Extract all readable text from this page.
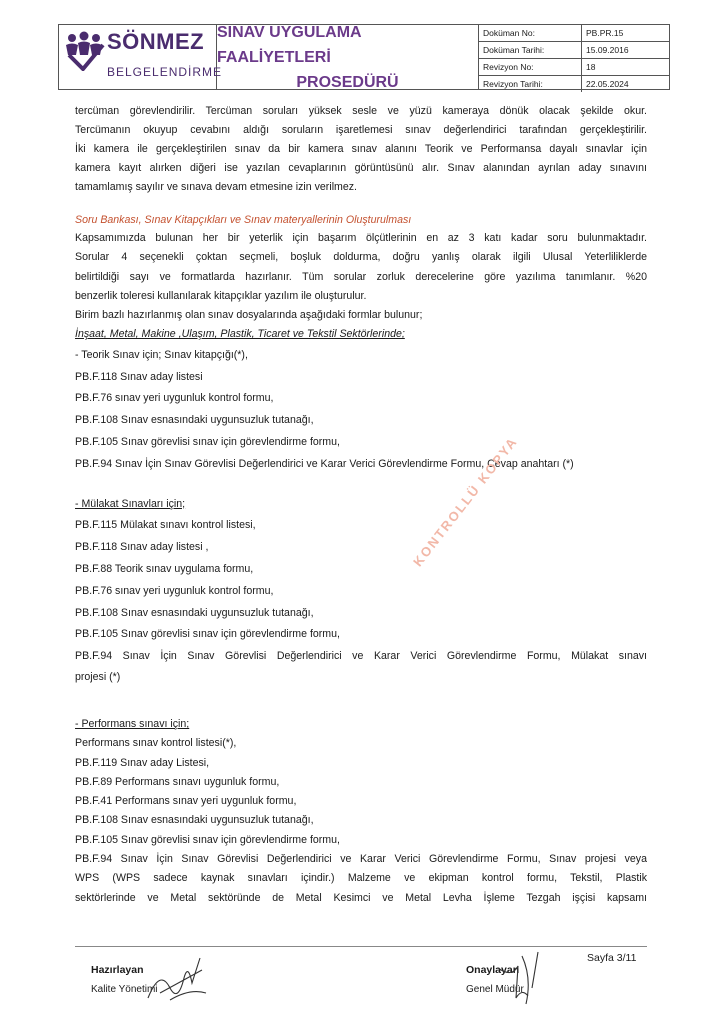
SÖNMEZ
BELGELENDİRME
SINAV UYGULAMA FAALİYETLERİ
PROSEDÜRÜ
Doküman No:	PB.PR.15
Doküman Tarihi:	15.09.2016
Revizyon No:	18
Revizyon Tarihi:	22.05.2024
tercüman görevlendirilir. Tercüman soruları yüksek sesle ve yüzü kameraya dönük olacak şekilde okur.
Tercümanın okuyup cevabını aldığı soruların işaretlemesi sınav değerlendirici tarafından gerçekleştirilir.
İki kamera ile gerçekleştirilen sınav da bir kamera sınav alanını Teorik ve Performansa dayalı sınavlar için
kamera kayıt alırken diğeri ise yazılan cevaplarının görüntüsünü alır. Sınav alanından ayrılan aday sınavını
tamamlamış sayılır ve sınava devam etmesine izin verilmez.
Soru Bankası, Sınav Kitapçıkları ve Sınav materyallerinin Oluşturulması
Kapsamımızda bulunan her bir yeterlik için başarım ölçütlerinin en az 3 katı kadar soru bulunmaktadır.
Sorular 4 seçenekli çoktan seçmeli, boşluk doldurma, doğru yanlış olarak ilgili Ulusal Yeterliliklerde
belirtildiği sayı ve formatlarda hazırlanır. Tüm sorular zorluk derecelerine göre yazılıma tanımlanır. %20
benzerlik toleresi kullanılarak kitapçıklar yazılım ile oluşturulur.
Birim bazlı hazırlanmış olan sınav dosyalarında aşağıdaki formlar bulunur;
İnşaat, Metal, Makine ,Ulaşım, Plastik, Ticaret ve Tekstil Sektörlerinde;
- Teorik Sınav için; Sınav kitapçığı(*),
PB.F.118 Sınav aday listesi
PB.F.76 sınav yeri uygunluk kontrol formu,
PB.F.108 Sınav esnasındaki uygunsuzluk tutanağı,
PB.F.105 Sınav görevlisi sınav için görevlendirme formu,
PB.F.94 Sınav İçin Sınav Görevlisi Değerlendirici ve Karar Verici Görevlendirme Formu, Cevap anahtarı (*)
- Mülakat Sınavları için;
PB.F.115 Mülakat sınavı kontrol listesi,
PB.F.118 Sınav aday listesi ,
PB.F.88 Teorik sınav uygulama formu,
PB.F.76 sınav yeri uygunluk kontrol formu,
PB.F.108 Sınav esnasındaki uygunsuzluk tutanağı,
PB.F.105 Sınav görevlisi sınav için görevlendirme formu,
PB.F.94 Sınav İçin Sınav Görevlisi Değerlendirici ve Karar Verici Görevlendirme Formu, Mülakat sınavı
projesi (*)
- Performans sınavı için;
Performans sınav kontrol listesi(*),
PB.F.119 Sınav aday Listesi,
PB.F.89 Performans sınavı uygunluk formu,
PB.F.41 Performans sınav yeri uygunluk formu,
PB.F.108 Sınav esnasındaki uygunsuzluk tutanağı,
PB.F.105 Sınav görevlisi sınav için görevlendirme formu,
PB.F.94 Sınav İçin Sınav Görevlisi Değerlendirici ve Karar Verici Görevlendirme Formu, Sınav projesi veya
WPS (WPS sadece kaynak sınavları içindir.) Malzeme ve ekipman kontrol formu, Tekstil, Plastik
sektörlerinde ve Metal sektöründe de Metal Kesimci ve Metal Levha İşleme Tezgah işçisi kapsamı
KONTROLLÜ KOPYA
Sayfa 3/11
Hazırlayan
Kalite Yönetimi
Onaylayan
Genel Müdür
